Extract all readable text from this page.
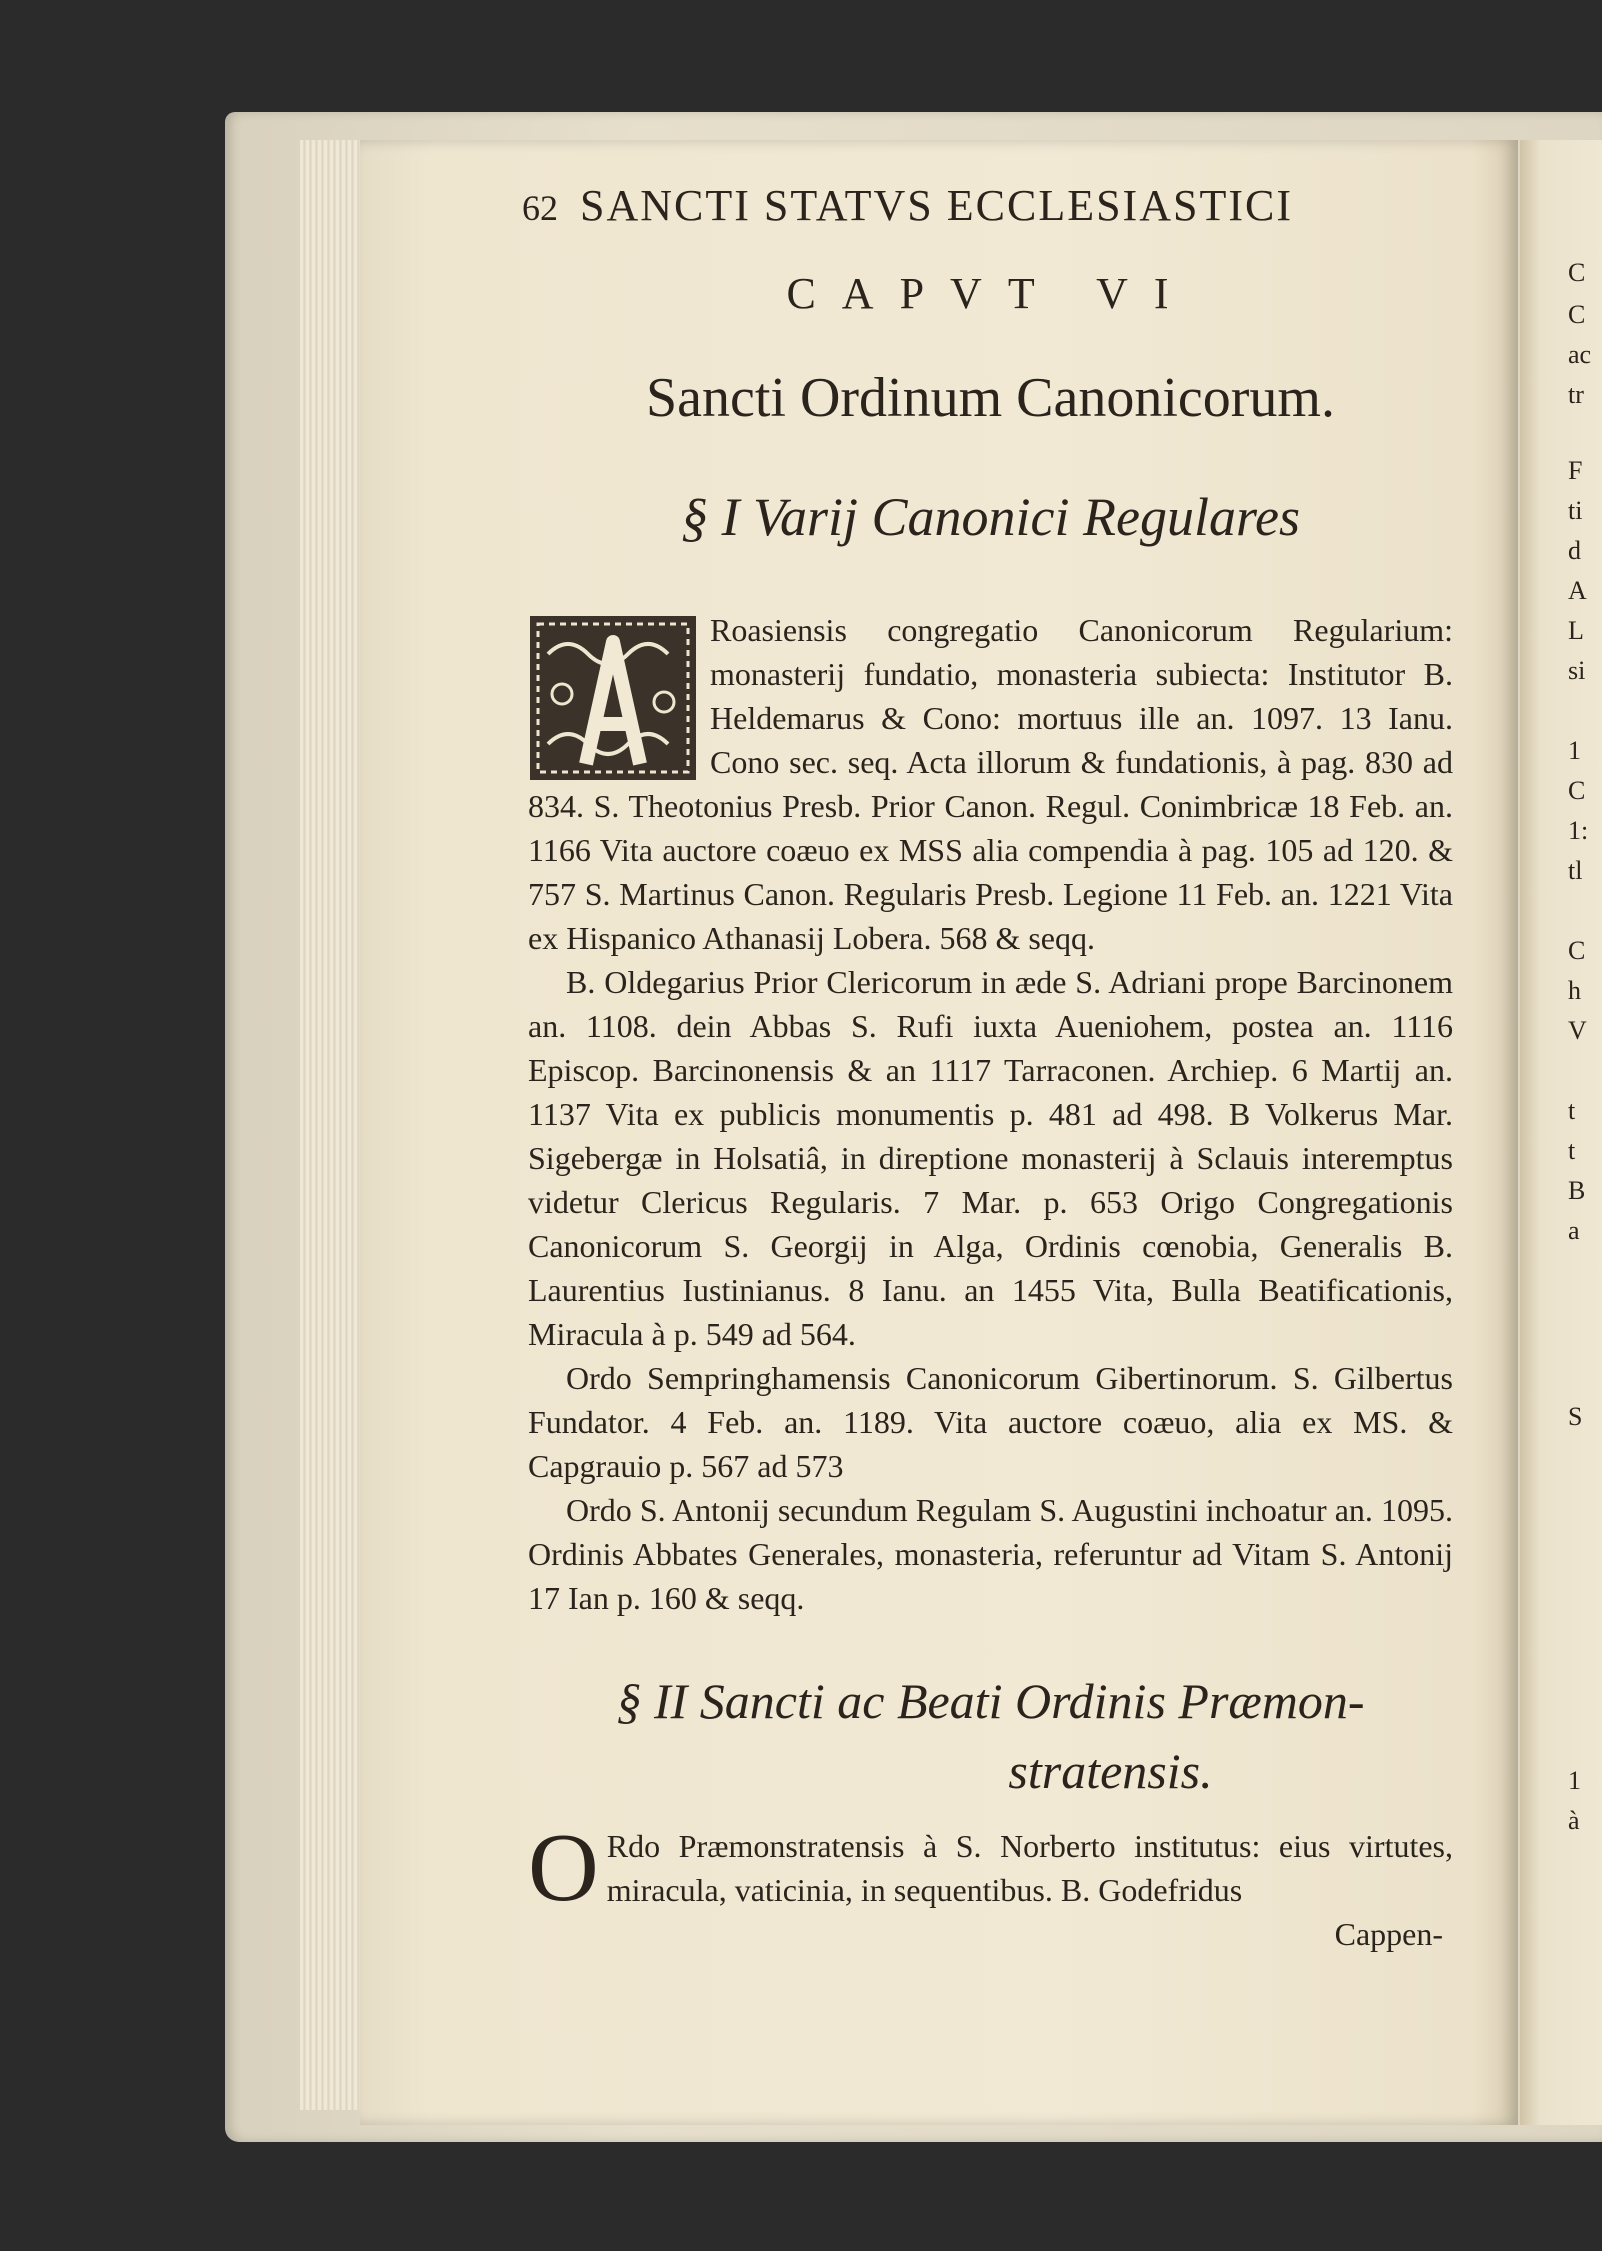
C
C
ac
tr
F
ti
d
A
L
si
1
C
1:
tl
C
h
V
t
t
B
a
S
1
à
62 SANCTI STATVS ECCLESIASTICI
CAPVT VI
Sancti Ordinum Canonicorum.
§ I Varij Canonici Regulares

Roasiensis congregatio Canonicorum Regularium: monasterij fundatio, monasteria subiecta: Institutor B. Heldemarus & Cono: mortuus ille an. 1097. 13 Ianu. Cono sec. seq. Acta illorum & fundationis, à pag. 830 ad 834. S. Theotonius Presb. Prior Canon. Regul. Conimbricæ 18 Feb. an. 1166 Vita auctore coæuo ex MSS alia compendia à pag. 105 ad 120. & 757 S. Martinus Canon. Regularis Presb. Legione 11 Feb. an. 1221 Vita ex Hispanico Athanasij Lobera. 568 & seqq.

B. Oldegarius Prior Clericorum in æde S. Adriani prope Barcinonem an. 1108. dein Abbas S. Rufi iuxta Aueniohem, postea an. 1116 Episcop. Barcinonensis & an 1117 Tarraconen. Archiep. 6 Martij an. 1137 Vita ex publicis monumentis p. 481 ad 498. B Volkerus Mar. Sigebergæ in Holsatiâ, in direptione monasterij à Sclauis interemptus videtur Clericus Regularis. 7 Mar. p. 653 Origo Congregationis Canonicorum S. Georgij in Alga, Ordinis cœnobia, Generalis B. Laurentius Iustinianus. 8 Ianu. an 1455 Vita, Bulla Beatificationis, Miracula à p. 549 ad 564.

Ordo Sempringhamensis Canonicorum Gibertinorum. S. Gilbertus Fundator. 4 Feb. an. 1189. Vita auctore coæuo, alia ex MS. & Capgrauio p. 567 ad 573

Ordo S. Antonij secundum Regulam S. Augustini inchoatur an. 1095. Ordinis Abbates Generales, monasteria, referuntur ad Vitam S. Antonij 17 Ian p. 160 & seqq.

§ II Sancti ac Beati Ordinis Præmon-
stratensis.
O Rdo Præmonstratensis à S. Norberto institutus: eius virtutes, miracula, vaticinia, in sequentibus. B. Godefridus

Cappen-
